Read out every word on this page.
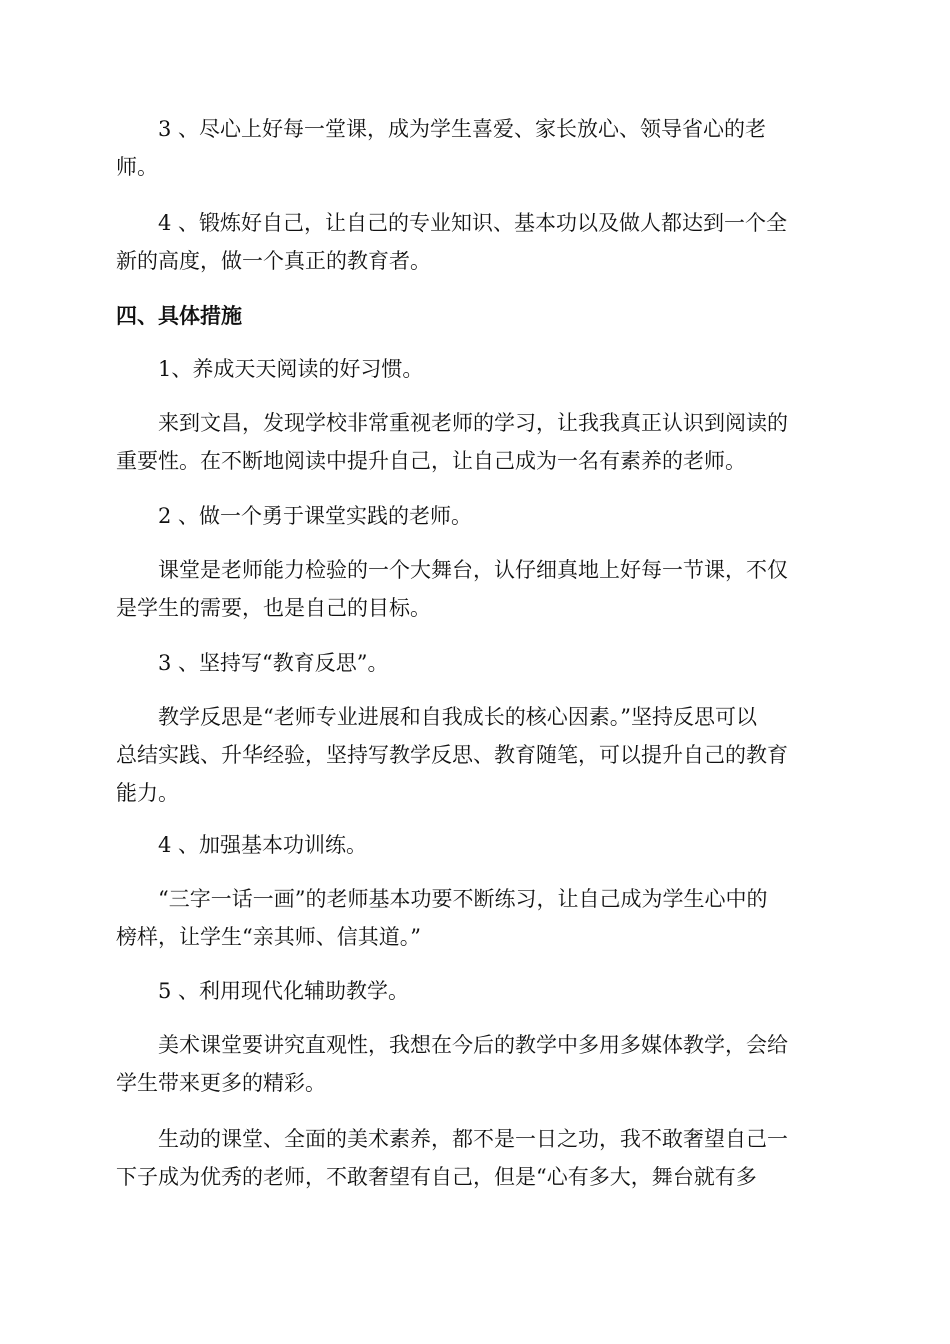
3 、尽心上好每一堂课，成为学生喜爱、家长放心、领导省心的老
师。

4 、锻炼好自己，让自己的专业知识、基本功以及做人都达到一个全
新的高度，做一个真正的教育者。

四、具体措施

1、养成天天阅读的好习惯。

来到文昌，发现学校非常重视老师的学习，让我我真正认识到阅读的
重要性。在不断地阅读中提升自己，让自己成为一名有素养的老师。

2 、做一个勇于课堂实践的老师。

课堂是老师能力检验的一个大舞台，认仔细真地上好每一节课，不仅
是学生的需要，也是自己的目标。

3 、坚持写“教育反思”。

教学反思是“老师专业进展和自我成长的核心因素。”坚持反思可以
总结实践、升华经验，坚持写教学反思、教育随笔，可以提升自己的教育
能力。

4 、加强基本功训练。

“三字一话一画”的老师基本功要不断练习，让自己成为学生心中的
榜样，让学生“亲其师、信其道。”

5 、利用现代化辅助教学。

美术课堂要讲究直观性，我想在今后的教学中多用多媒体教学，会给
学生带来更多的精彩。

生动的课堂、全面的美术素养，都不是一日之功，我不敢奢望自己一
下子成为优秀的老师，不敢奢望有自己，但是“心有多大，舞台就有多
